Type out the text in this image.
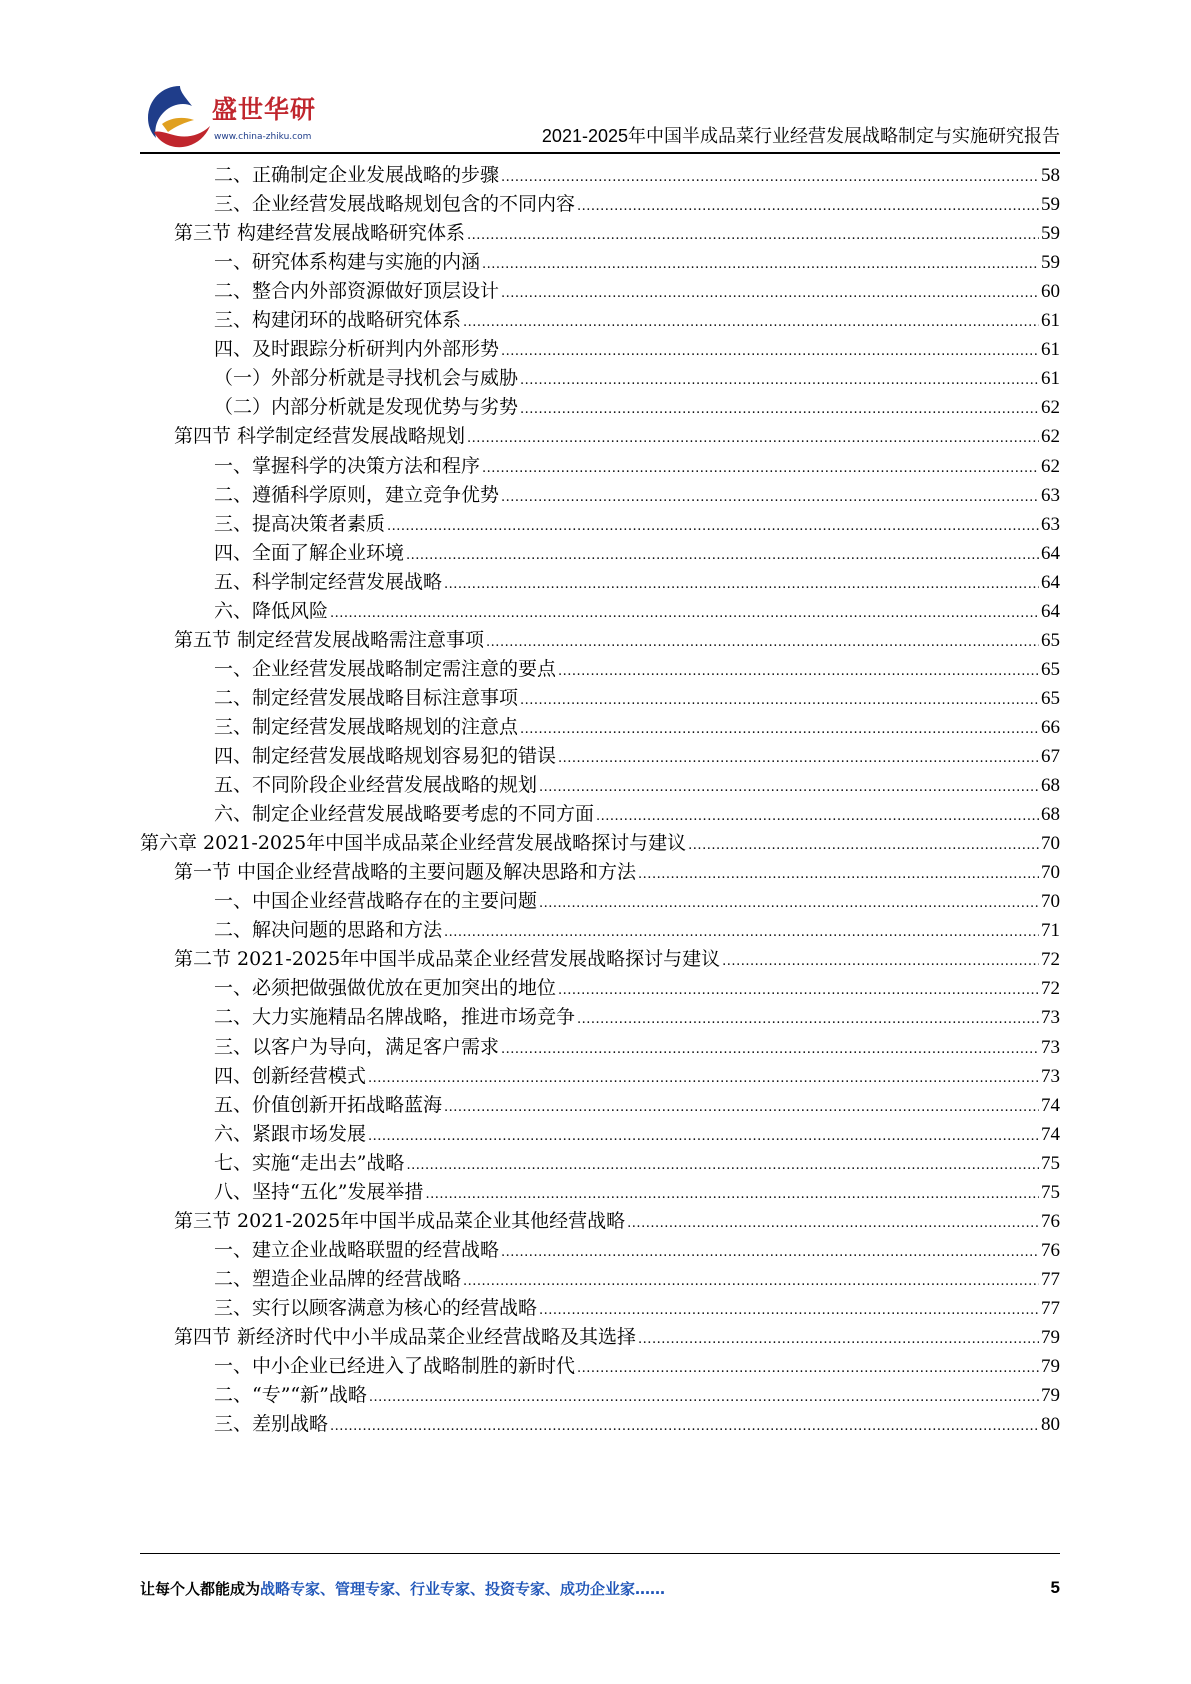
盛世华研
www.china-zhiku.com	2021-2025年中国半成品菜行业经营发展战略制定与实施研究报告
二、正确制定企业发展战略的步骤 .....	58
三、企业经营发展战略规划包含的不同内容 .....	59
第三节 构建经营发展战略研究体系 .....	59
一、研究体系构建与实施的内涵 .....	59
二、整合内外部资源做好顶层设计 .....	60
三、构建闭环的战略研究体系 .....	61
四、及时跟踪分析研判内外部形势 .....	61
（一）外部分析就是寻找机会与威胁 .....	61
（二）内部分析就是发现优势与劣势 .....	62
第四节 科学制定经营发展战略规划 .....	62
一、掌握科学的决策方法和程序 .....	62
二、遵循科学原则，建立竞争优势 .....	63
三、提高决策者素质 .....	63
四、全面了解企业环境 .....	64
五、科学制定经营发展战略 .....	64
六、降低风险 .....	64
第五节 制定经营发展战略需注意事项 .....	65
一、企业经营发展战略制定需注意的要点 .....	65
二、制定经营发展战略目标注意事项 .....	65
三、制定经营发展战略规划的注意点 .....	66
四、制定经营发展战略规划容易犯的错误 .....	67
五、不同阶段企业经营发展战略的规划 .....	68
六、制定企业经营发展战略要考虑的不同方面 .....	68
第六章 2021-2025年中国半成品菜企业经营发展战略探讨与建议 .....	70
第一节 中国企业经营战略的主要问题及解决思路和方法 .....	70
一、中国企业经营战略存在的主要问题 .....	70
二、解决问题的思路和方法 .....	71
第二节 2021-2025年中国半成品菜企业经营发展战略探讨与建议 .....	72
一、必须把做强做优放在更加突出的地位 .....	72
二、大力实施精品名牌战略，推进市场竞争 .....	73
三、以客户为导向，满足客户需求 .....	73
四、创新经营模式 .....	73
五、价值创新开拓战略蓝海 .....	74
六、紧跟市场发展 .....	74
七、实施“走出去”战略 .....	75
八、坚持“五化”发展举措 .....	75
第三节 2021-2025年中国半成品菜企业其他经营战略 .....	76
一、建立企业战略联盟的经营战略 .....	76
二、塑造企业品牌的经营战略 .....	77
三、实行以顾客满意为核心的经营战略 .....	77
第四节 新经济时代中小半成品菜企业经营战略及其选择 .....	79
一、中小企业已经进入了战略制胜的新时代 .....	79
二、“专”“新”战略 .....	79
三、差别战略 .....	80
让每个人都能成为战略专家、管理专家、行业专家、投资专家、成功企业家……	5
